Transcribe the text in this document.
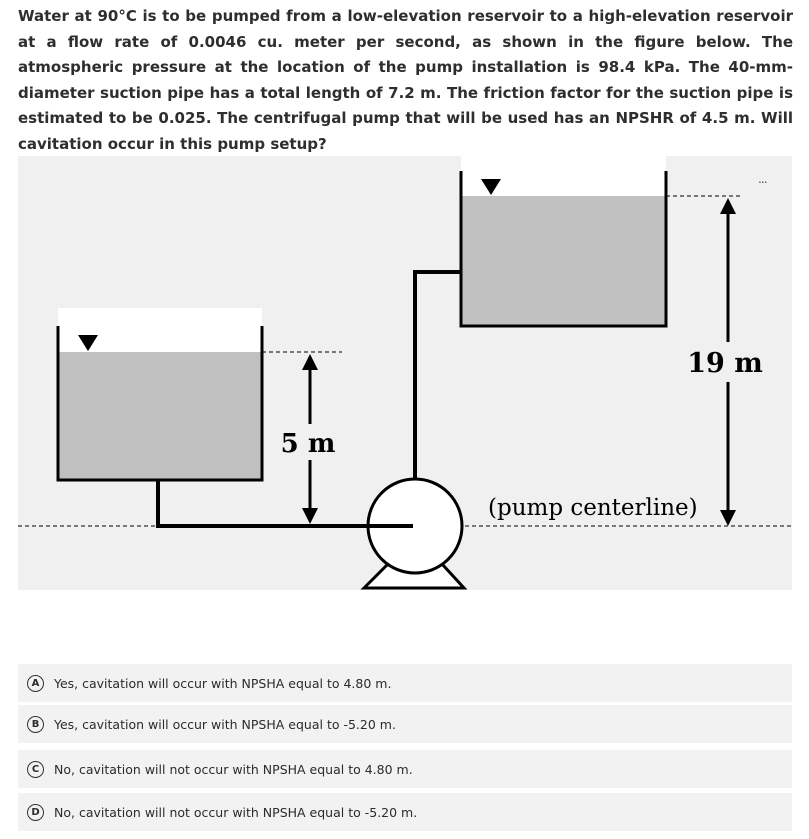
Water at 90°C is to be pumped from a low-elevation reservoir to a high-elevation reservoir at a flow rate of 0.0046 cu. meter per second, as shown in the figure below. The atmospheric pressure at the location of the pump installation is 98.4 kPa. The 40-mm-diameter suction pipe has a total length of 7.2 m. The friction factor for the suction pipe is estimated to be 0.025. The centrifugal pump that will be used has an NPSHR of 4.5 m. Will cavitation occur in this pump setup?

5 m
19 m
(pump centerline)
...
A	Yes, cavitation will occur with NPSHA equal to 4.80 m.
B	Yes, cavitation will occur with NPSHA equal to -5.20 m.
C	No, cavitation will not occur with NPSHA equal to 4.80 m.
D	No, cavitation will not occur with NPSHA equal to -5.20 m.
